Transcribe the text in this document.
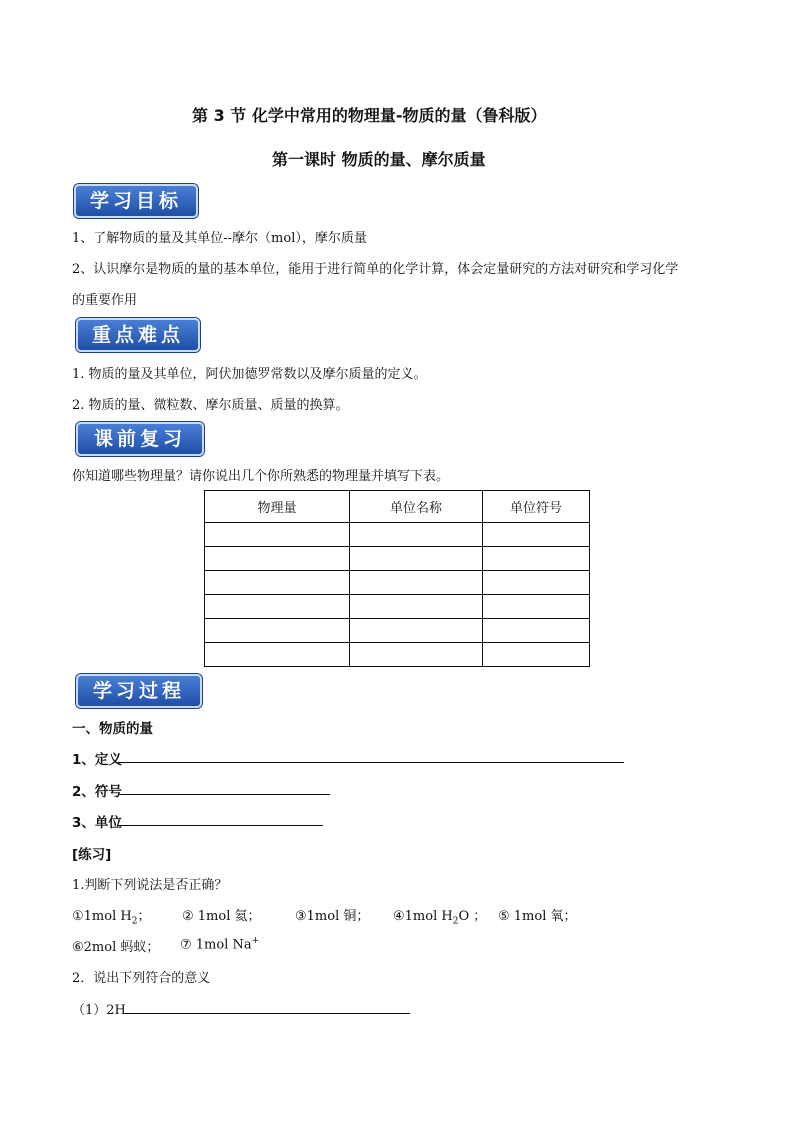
第 3 节 化学中常用的物理量-物质的量（鲁科版）
第一课时 物质的量、摩尔质量
学习目标
1、了解物质的量及其单位--摩尔（mol），摩尔质量
2、认识摩尔是物质的量的基本单位，能用于进行简单的化学计算，体会定量研究的方法对研究和学习化学
的重要作用
重点难点
1. 物质的量及其单位，阿伏加德罗常数以及摩尔质量的定义。
2. 物质的量、微粒数、摩尔质量、质量的换算。
课前复习
你知道哪些物理量？请你说出几个你所熟悉的物理量并填写下表。
物理量	单位名称	单位符号

学习过程
一、物质的量
1、定义
2、符号
3、单位
[练习]
1.判断下列说法是否正确？
①1mol $H_2$； ② 1mol 氦；	③1mol 铜； ④1mol $H_2O$ ； ⑤ 1mol 氧；
⑥2mol 蚂蚁； ⑦ 1mol Na+
2．说出下列符合的意义
（1）2H
